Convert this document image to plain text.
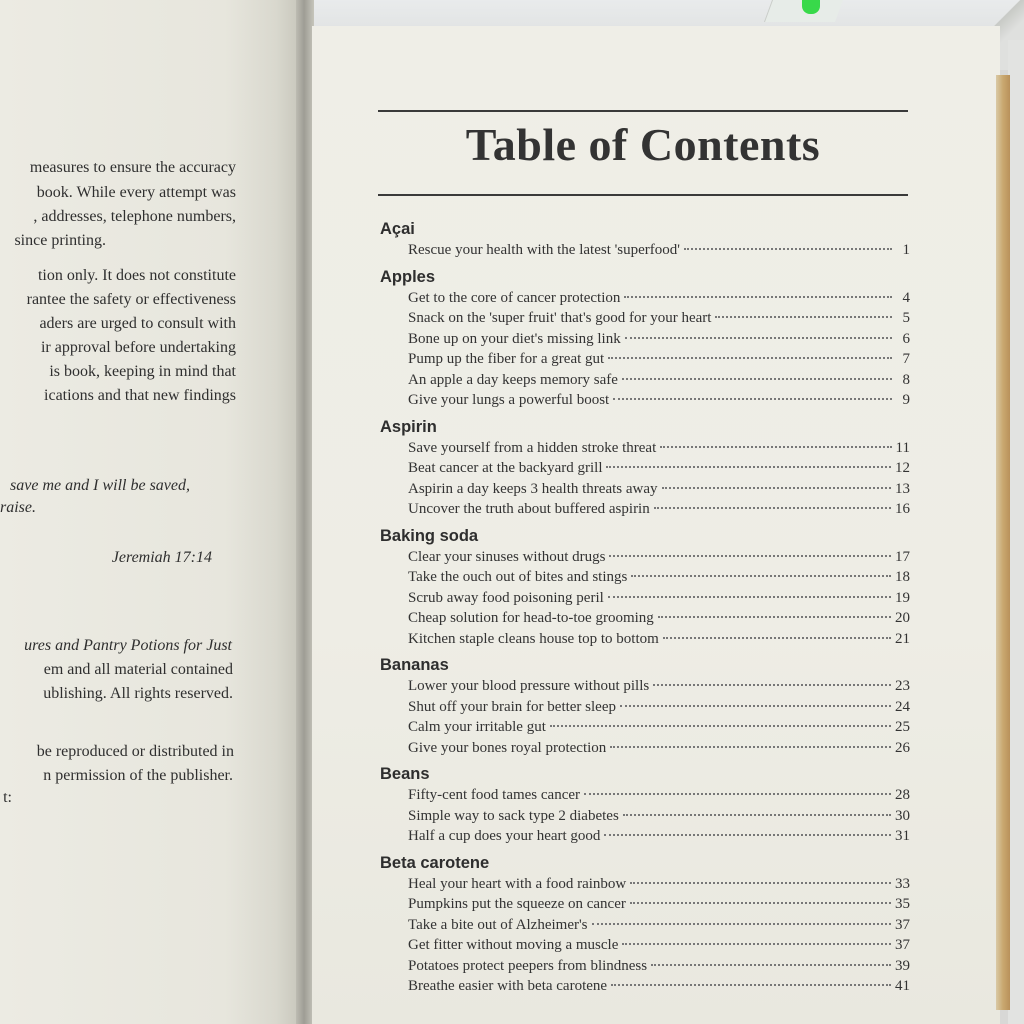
measures to ensure the accuracy
book. While every attempt was
, addresses, telephone numbers,
since printing.
tion only. It does not constitute
rantee the safety or effectiveness
aders are urged to consult with
ir approval before undertaking
is book, keeping in mind that
ications and that new findings
save me and I will be saved,
raise.
Jeremiah 17:14
ures and Pantry Potions for Just
em and all material contained
ublishing. All rights reserved.
be reproduced or distributed in
n permission of the publisher.
t:
Table of Contents
Açai
Rescue your health with the latest 'superfood'	1
Apples
Get to the core of cancer protection	4
Snack on the 'super fruit' that's good for your heart	5
Bone up on your diet's missing link	6
Pump up the fiber for a great gut	7
An apple a day keeps memory safe	8
Give your lungs a powerful boost	9
Aspirin
Save yourself from a hidden stroke threat	11
Beat cancer at the backyard grill	12
Aspirin a day keeps 3 health threats away	13
Uncover the truth about buffered aspirin	16
Baking soda
Clear your sinuses without drugs	17
Take the ouch out of bites and stings	18
Scrub away food poisoning peril	19
Cheap solution for head-to-toe grooming	20
Kitchen staple cleans house top to bottom	21
Bananas
Lower your blood pressure without pills	23
Shut off your brain for better sleep	24
Calm your irritable gut	25
Give your bones royal protection	26
Beans
Fifty-cent food tames cancer	28
Simple way to sack type 2 diabetes	30
Half a cup does your heart good	31
Beta carotene
Heal your heart with a food rainbow	33
Pumpkins put the squeeze on cancer	35
Take a bite out of Alzheimer's	37
Get fitter without moving a muscle	37
Potatoes protect peepers from blindness	39
Breathe easier with beta carotene	41
